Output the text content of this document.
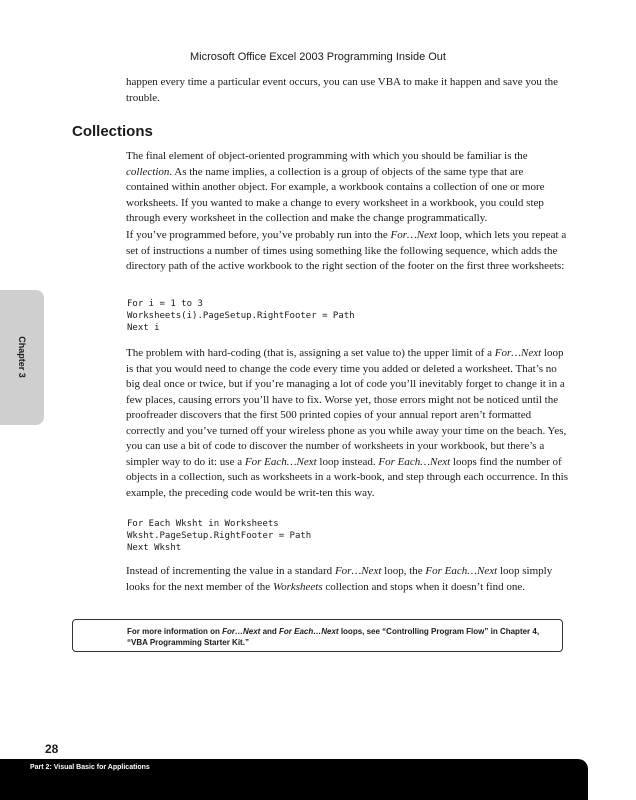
Microsoft Office Excel 2003 Programming Inside Out

happen every time a particular event occurs, you can use VBA to make it happen and save you the trouble.

Collections

The final element of object-oriented programming with which you should be familiar is the collection. As the name implies, a collection is a group of objects of the same type that are contained within another object. For example, a workbook contains a collection of one or more worksheets. If you wanted to make a change to every worksheet in a workbook, you could step through every worksheet in the collection and make the change programmatically.

If you’ve programmed before, you’ve probably run into the For…Next loop, which lets you repeat a set of instructions a number of times using something like the following sequence, which adds the directory path of the active workbook to the right section of the footer on the first three worksheets:

For i = 1 to 3
Worksheets(i).PageSetup.RightFooter = Path
Next i

The problem with hard-coding (that is, assigning a set value to) the upper limit of a For…Next loop is that you would need to change the code every time you added or deleted a worksheet. That’s no big deal once or twice, but if you’re managing a lot of code you’ll inevitably forget to change it in a few places, causing errors you’ll have to fix. Worse yet, those errors might not be noticed until the proofreader discovers that the first 500 printed copies of your annual report aren’t formatted correctly and you’ve turned off your wireless phone as you while away your time on the beach. Yes, you can use a bit of code to discover the number of worksheets in your workbook, but there’s a simpler way to do it: use a For Each…Next loop instead. For Each…Next loops find the number of objects in a collection, such as worksheets in a work-book, and step through each occurrence. In this example, the preceding code would be writ-ten this way.

For Each Wksht in Worksheets
Wksht.PageSetup.RightFooter = Path
Next Wksht

Instead of incrementing the value in a standard For…Next loop, the For Each…Next loop simply looks for the next member of the Worksheets collection and stops when it doesn’t find one.

For more information on For…Next and For Each…Next loops, see “Controlling Program Flow” in Chapter 4, “VBA Programming Starter Kit.”
Chapter 3
28
Part 2: Visual Basic for Applications
